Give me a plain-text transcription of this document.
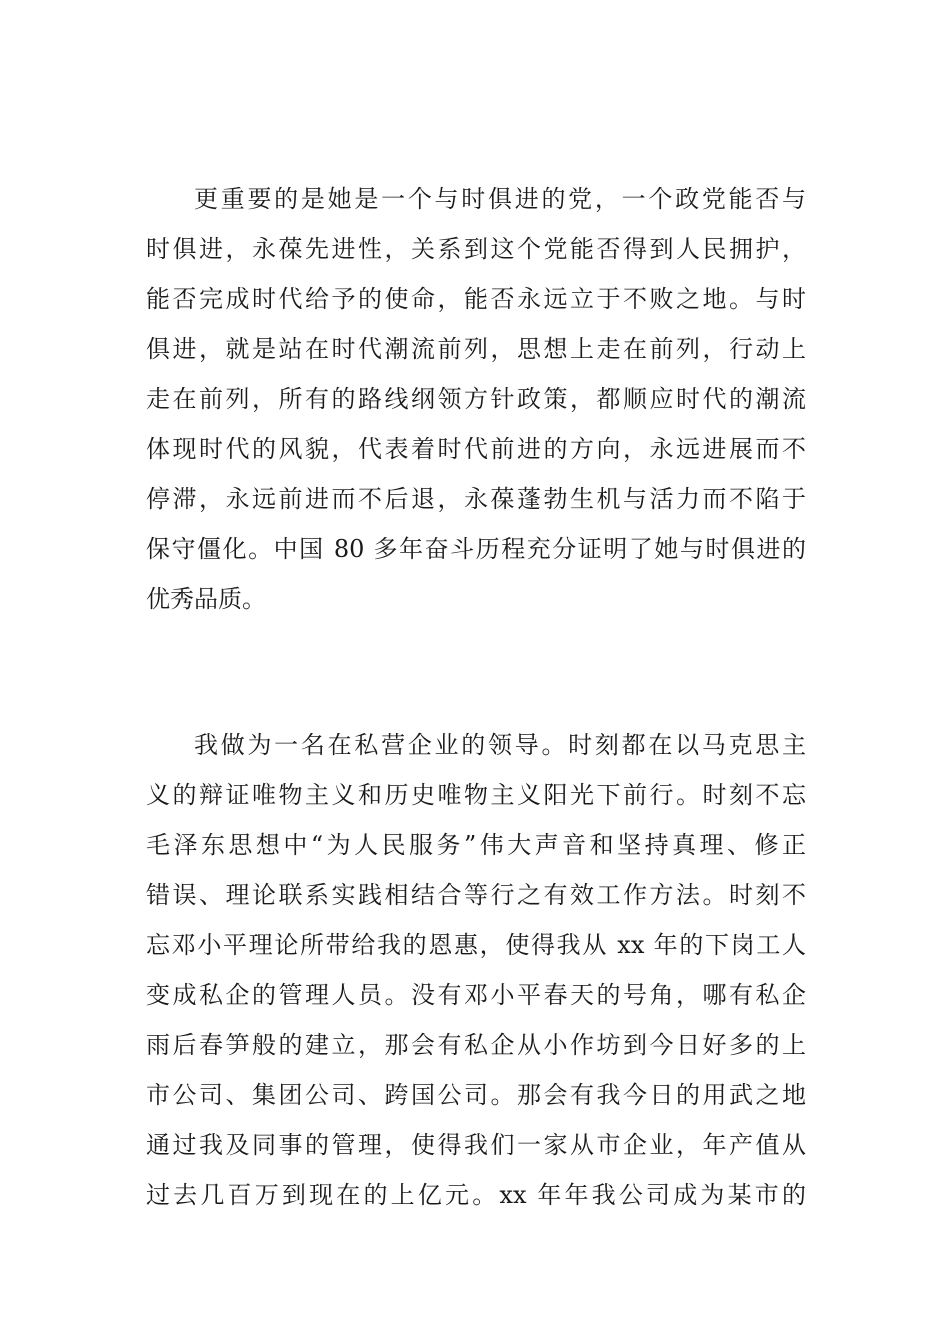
更重要的是她是一个与时俱进的党，一个政党能否与
时俱进，永葆先进性，关系到这个党能否得到人民拥护，
能否完成时代给予的使命，能否永远立于不败之地。与时
俱进，就是站在时代潮流前列，思想上走在前列，行动上
走在前列，所有的路线纲领方针政策，都顺应时代的潮流
体现时代的风貌，代表着时代前进的方向，永远进展而不
停滞，永远前进而不后退，永葆蓬勃生机与活力而不陷于
保守僵化。中国 80 多年奋斗历程充分证明了她与时俱进的
优秀品质。
我做为一名在私营企业的领导。时刻都在以马克思主
义的辩证唯物主义和历史唯物主义阳光下前行。时刻不忘
毛泽东思想中“为人民服务”伟大声音和坚持真理、修正
错误、理论联系实践相结合等行之有效工作方法。时刻不
忘邓小平理论所带给我的恩惠，使得我从 xx 年的下岗工人
变成私企的管理人员。没有邓小平春天的号角，哪有私企
雨后春笋般的建立，那会有私企从小作坊到今日好多的上
市公司、集团公司、跨国公司。那会有我今日的用武之地
通过我及同事的管理，使得我们一家从市企业，年产值从
过去几百万到现在的上亿元。xx 年年我公司成为某市的
